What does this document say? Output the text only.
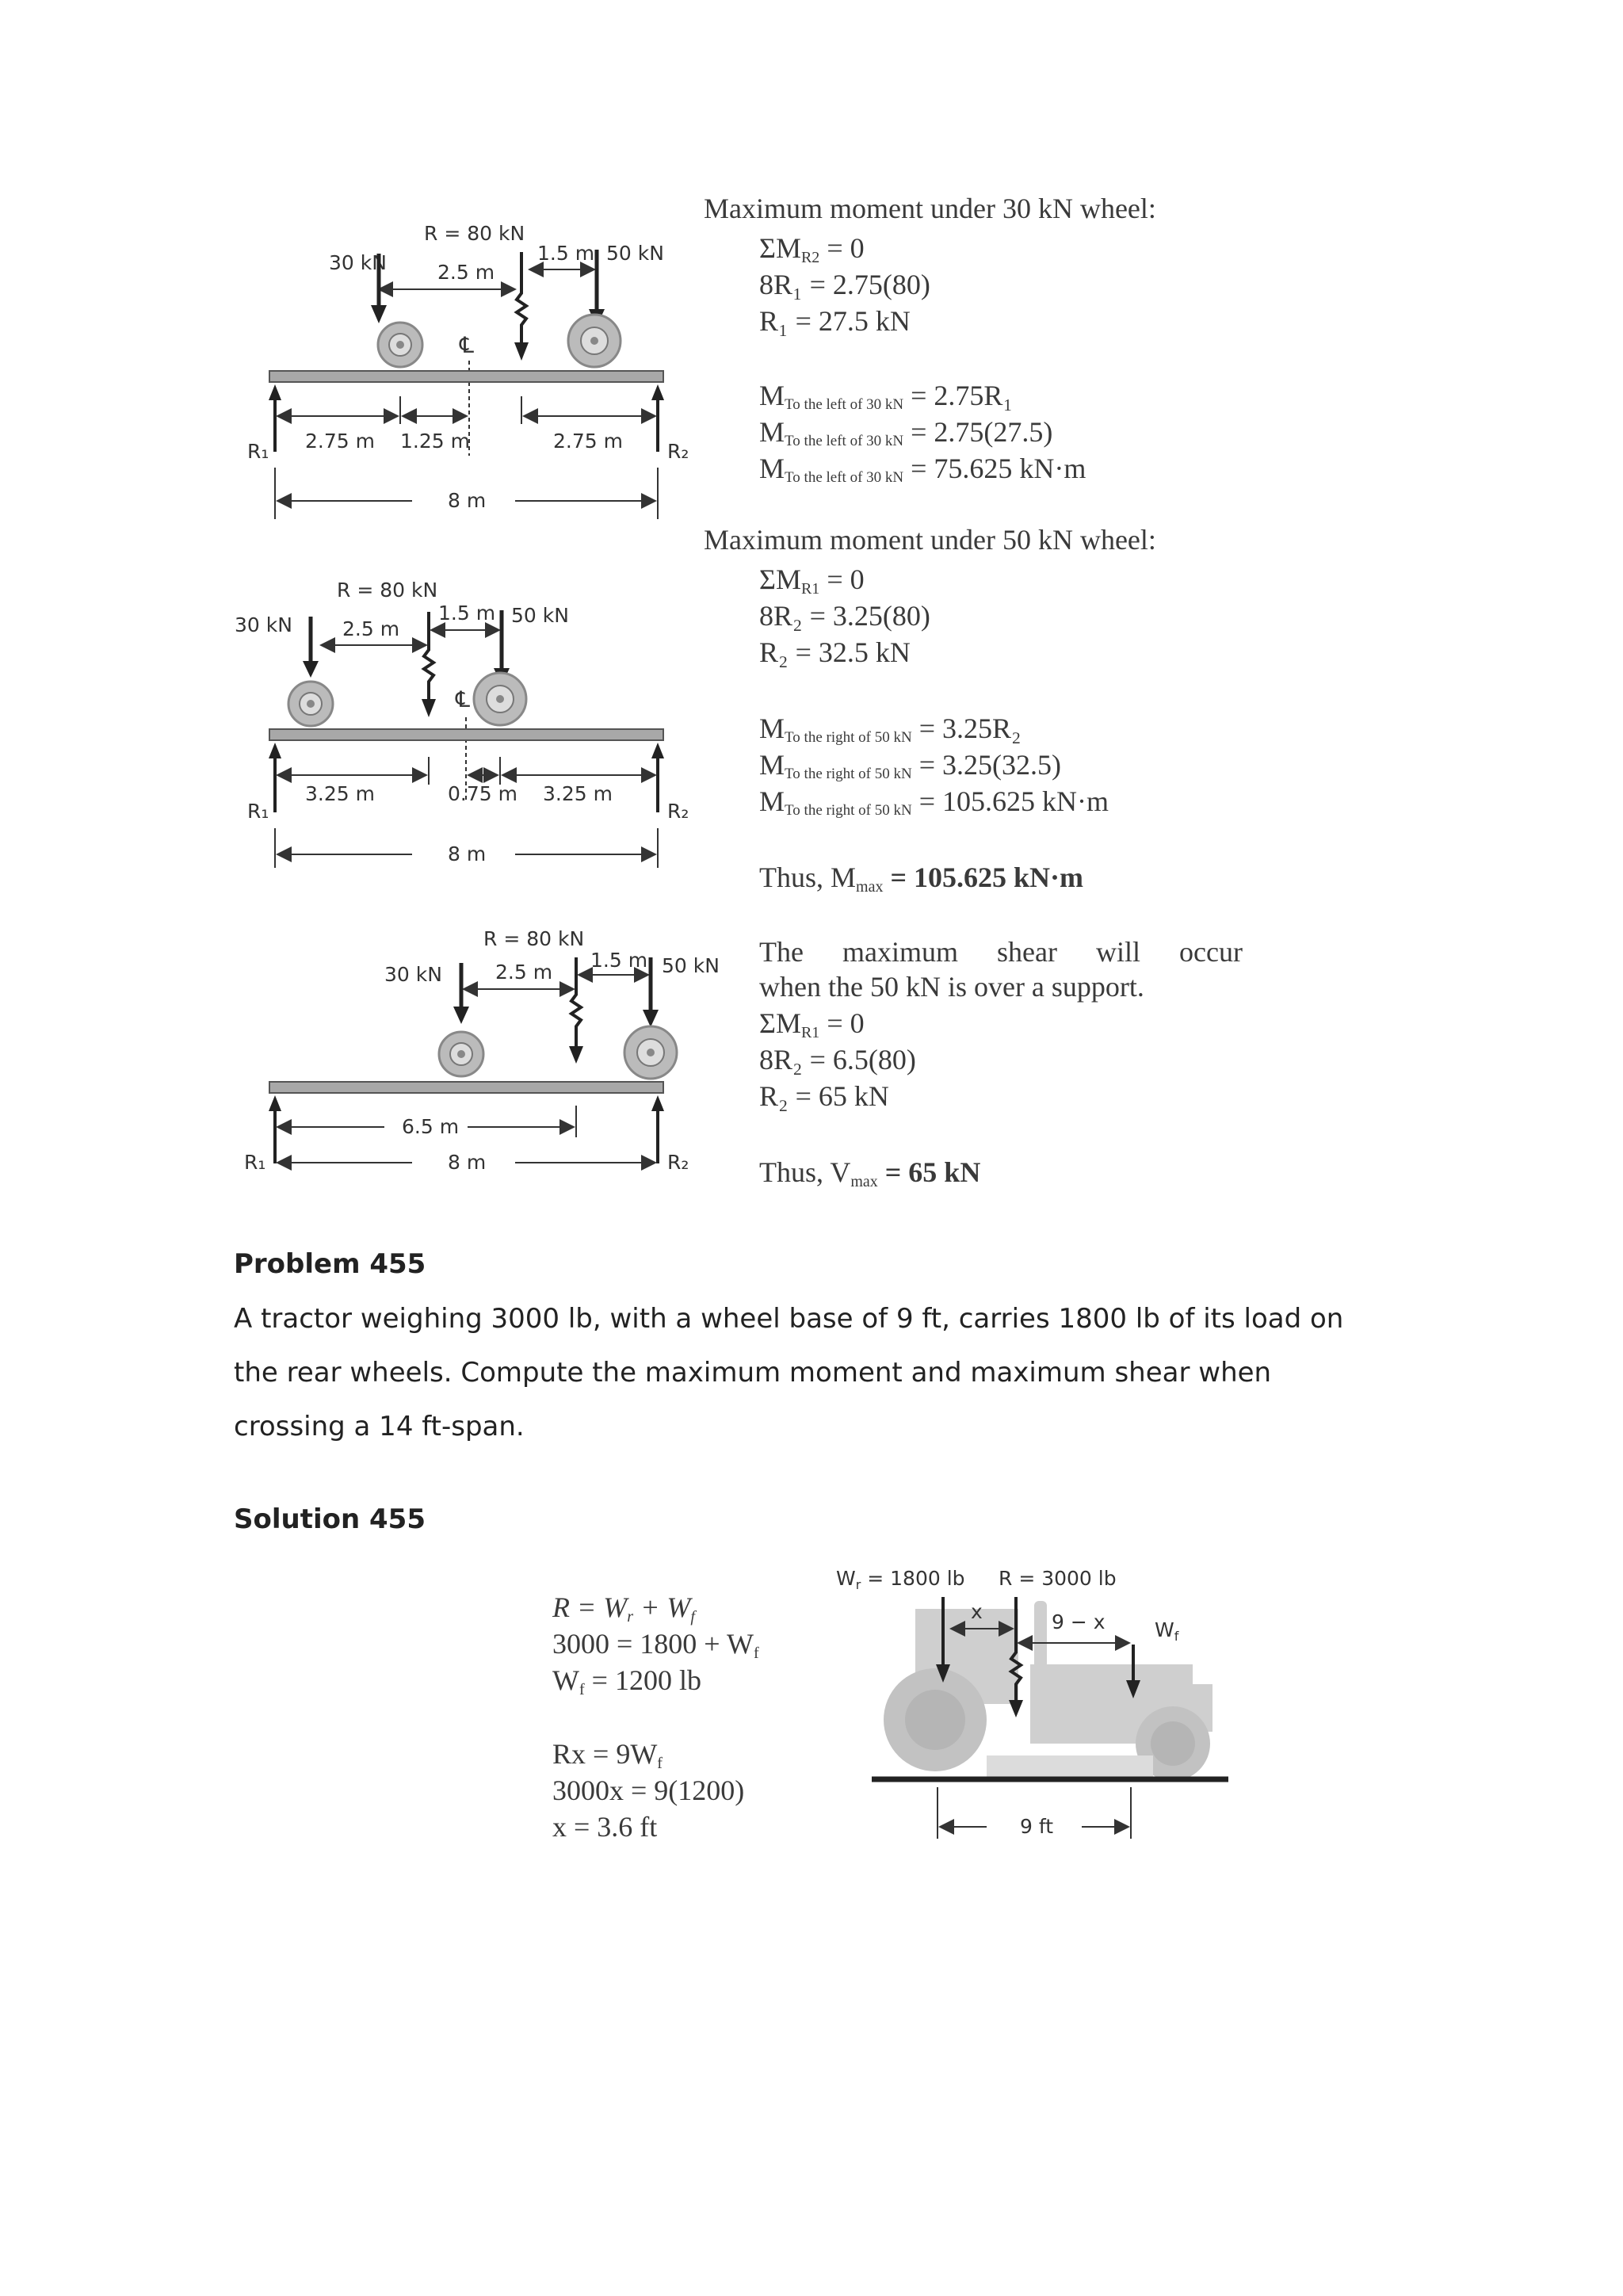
R = 80 kN
30 kN	50 kN
2.5 m
1.5 m
℄
R₁	R₂
2.75 m 1.25 m	2.75 m
8 m
R = 80 kN
30 kN	50 kN
2.5 m
1.5 m
℄
R₁	R₂
3.25 m	0.75 m 3.25 m
8 m
R = 80 kN
30 kN	50 kN
2.5 m
1.5 m
R₁	R₂
6.5 m
8 m
Maximum moment under 30 kN wheel:
$\Sigma M_{R2} = 0$
8R₁ = 2.75(80)
R₁ = 27.5 kN
MTo the left of 30 kN = 2.75R₁
MTo the left of 30 kN = 2.75(27.5)
MTo the left of 30 kN = 75.625 kN·m
Maximum moment under 50 kN wheel:
$\Sigma M_{R1} = 0$
8R₂ = 3.25(80)
R₂ = 32.5 kN
MTo the right of 50 kN = 3.25R₂
MTo the right of 50 kN = 3.25(32.5)
MTo the right of 50 kN = 105.625 kN·m
Thus, $M_{max} = 105.625$ kN·m
The maximum shear will occur
when the 50 kN is over a support.
$\Sigma M_{R1} = 0$
8R₂ = 6.5(80)
R₂ = 65 kN
Thus, $V_{max} = 65$ kN
Problem 455
A tractor weighing 3000 lb, with a wheel base of 9 ft, carries 1800 lb of its load on the rear wheels. Compute the maximum moment and maximum shear when crossing a 14 ft-span.
Solution 455
$R = W_r + W_f$
$3000 = 1800 + W_f$
$W_f = 1200$ lb
$Rx = 9W_f$
3000x = 9(1200)
x = 3.6 ft
$W_r = 1800$ lb R = 3000 lb
x	9 − x $W_f$
9 ft
